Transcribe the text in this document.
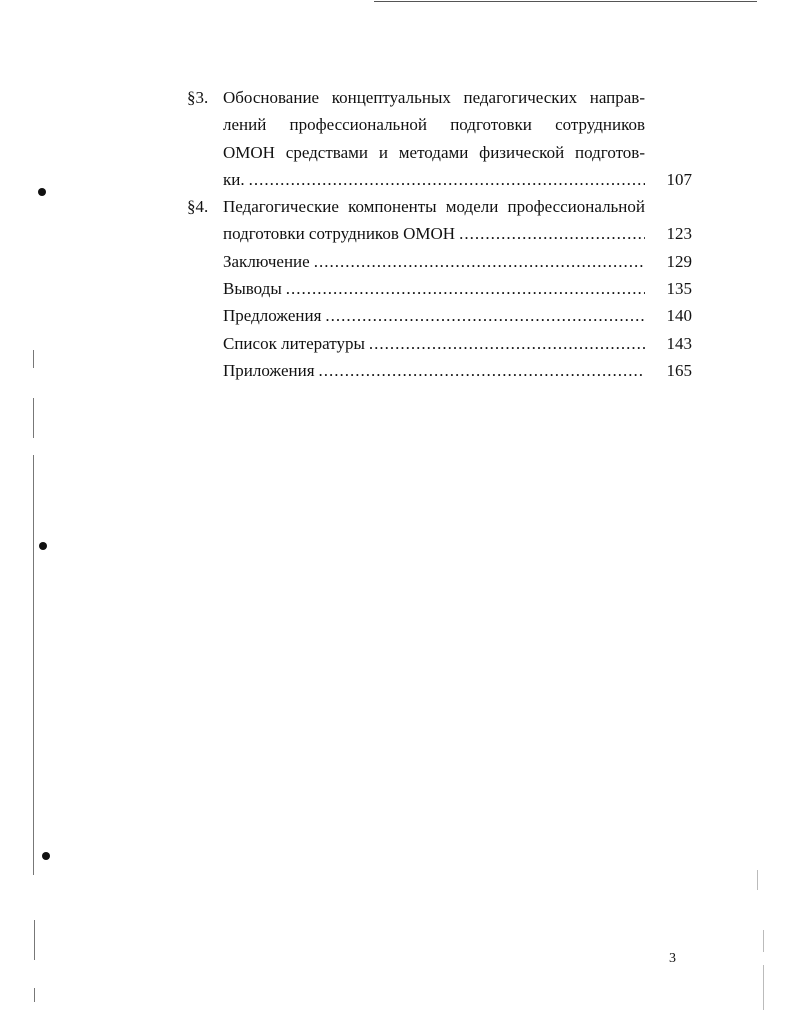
§3. Обоснование концептуальных педагогических направ-
лений профессиональной подготовки сотрудников
ОМОН средствами и методами физической подготов-
ки. .....	107
§4. Педагогические компоненты модели профессиональной
подготовки сотрудников ОМОН .....	123
Заключение .....	129
Выводы .....	135
Предложения .....	140
Список литературы .....	143
Приложения .....	165
3
